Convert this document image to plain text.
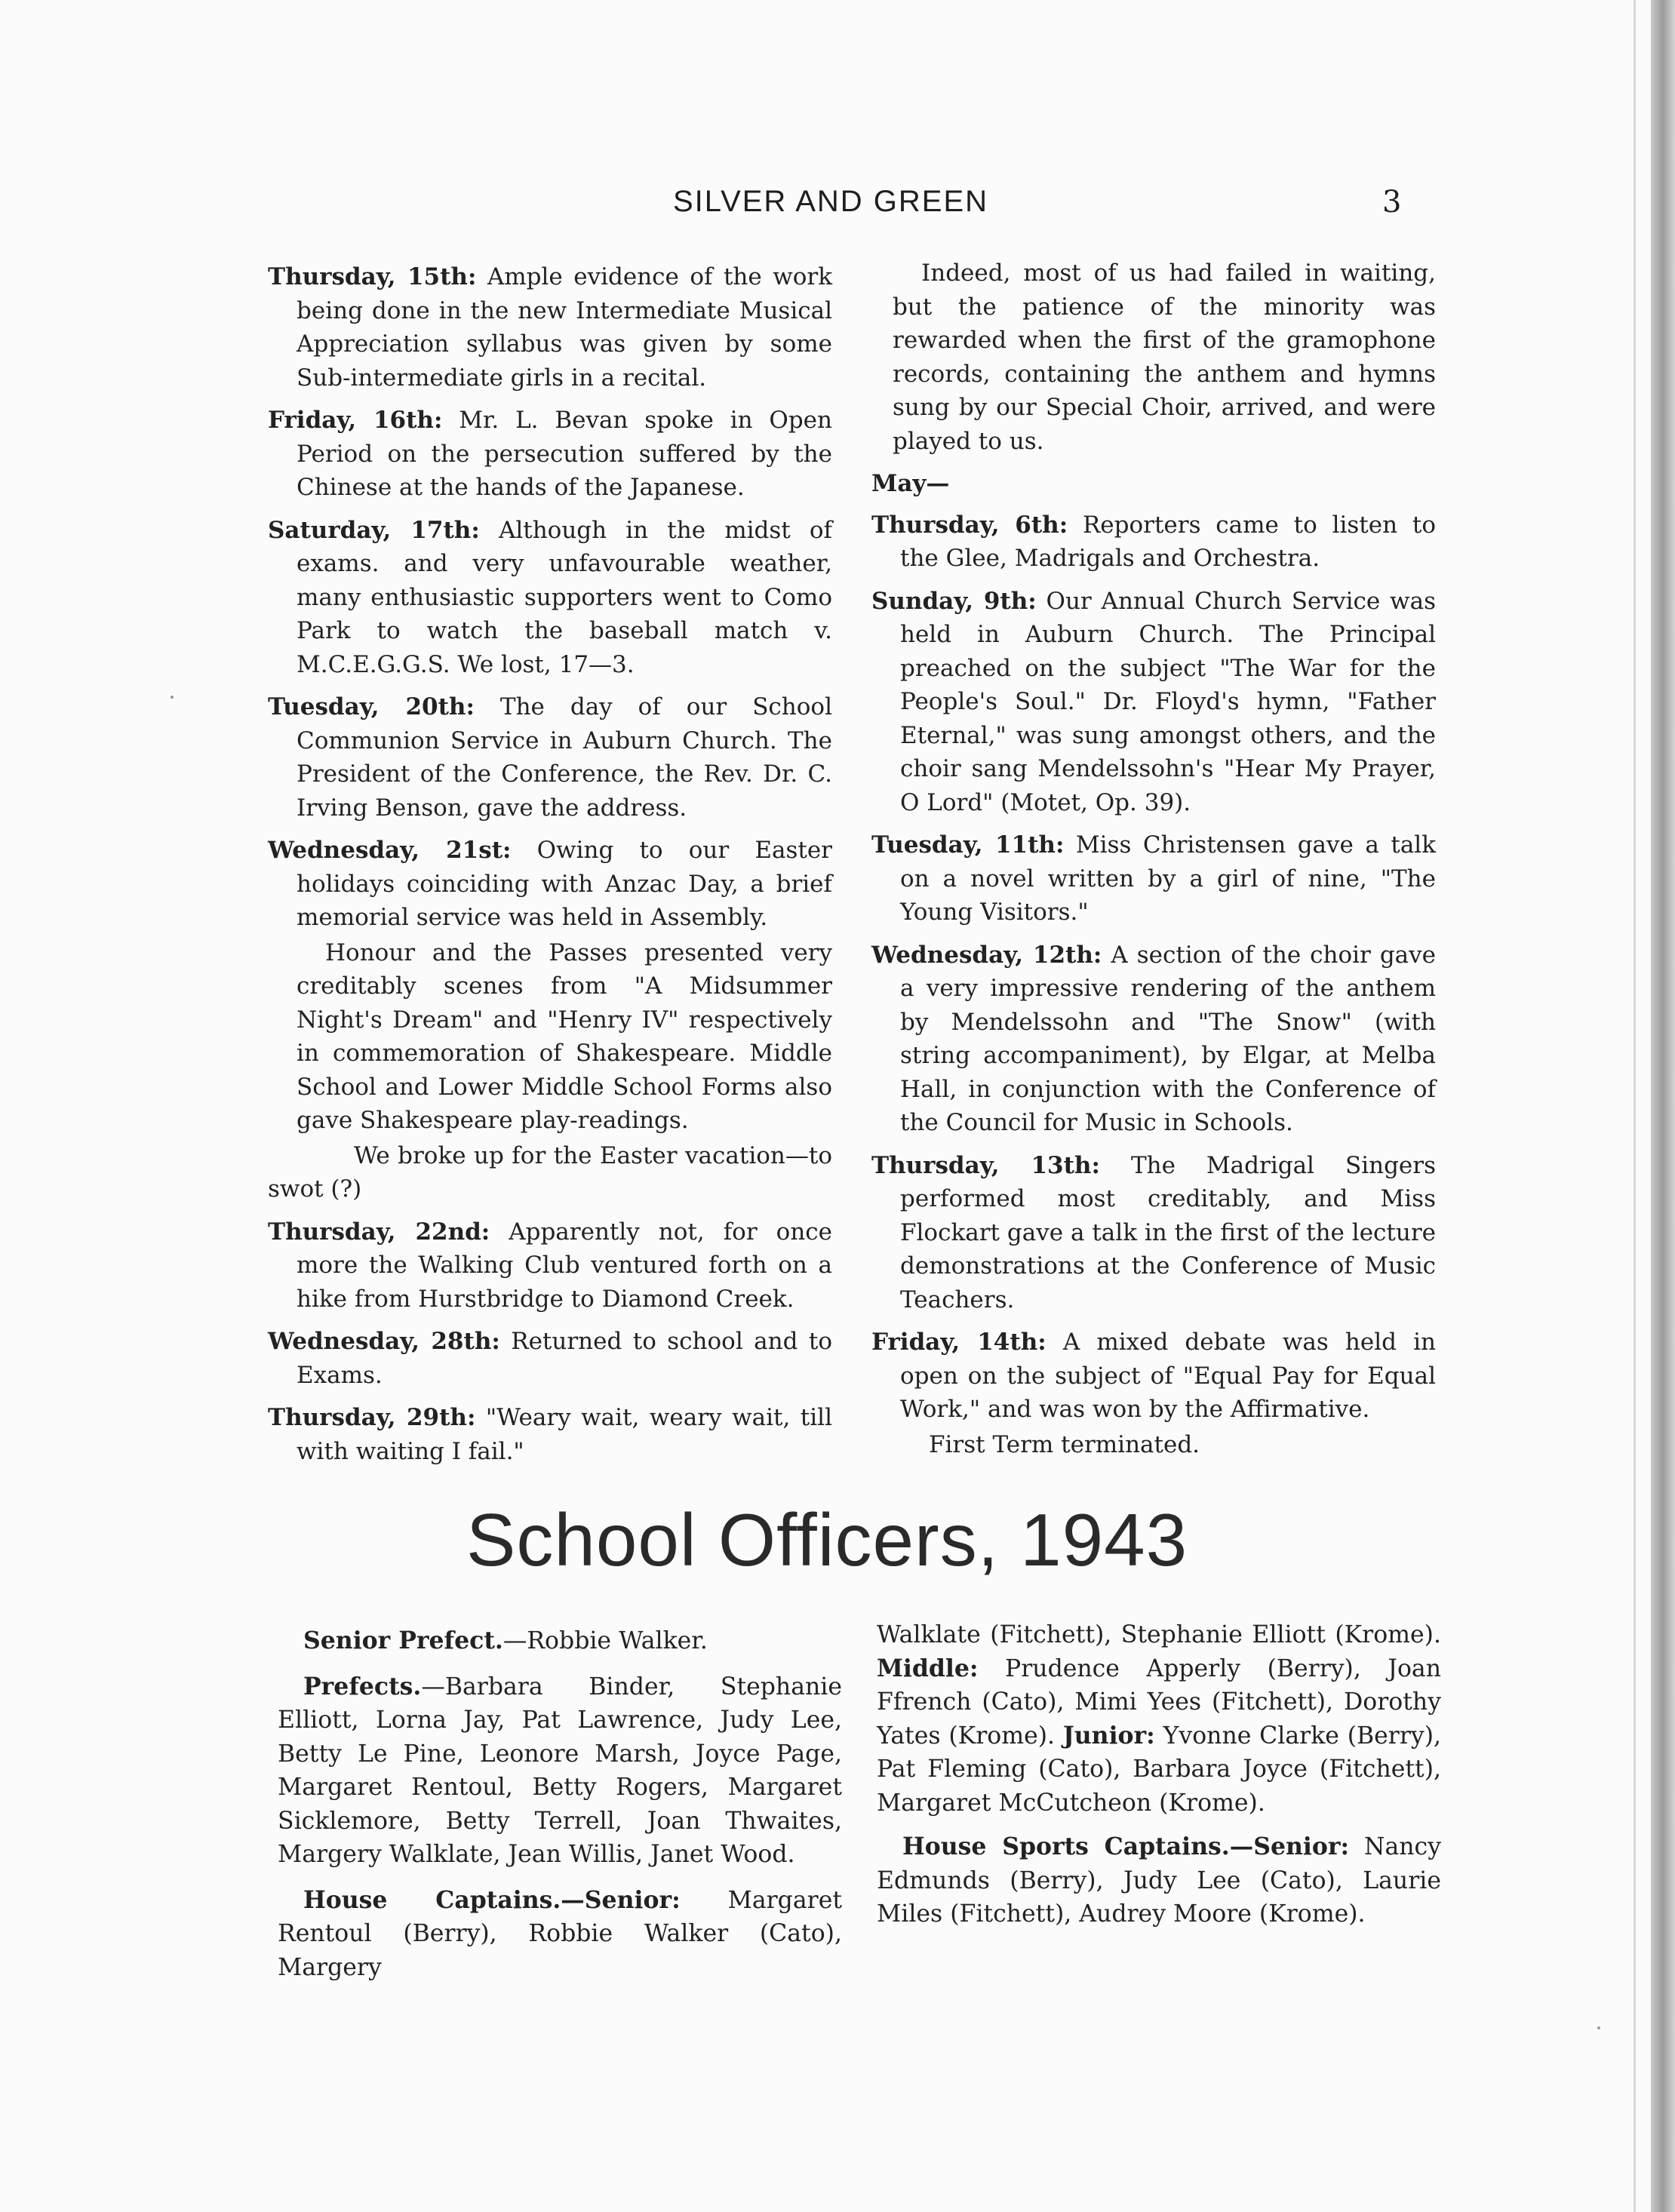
SILVER AND GREEN	3

Thursday, 15th: Ample evidence of the work being done in the new Intermediate Musical Appreciation syllabus was given by some Sub-intermediate girls in a recital.

Friday, 16th: Mr. L. Bevan spoke in Open Period on the persecution suffered by the Chinese at the hands of the Japanese.

Saturday, 17th: Although in the midst of exams. and very unfavourable weather, many enthusiastic supporters went to Como Park to watch the baseball match v. M.C.E.G.G.S. We lost, 17—3.

Tuesday, 20th: The day of our School Communion Service in Auburn Church. The President of the Conference, the Rev. Dr. C. Irving Benson, gave the address.

Wednesday, 21st: Owing to our Easter holidays coinciding with Anzac Day, a brief memorial service was held in Assembly.

Honour and the Passes presented very creditably scenes from "A Midsummer Night's Dream" and "Henry IV" respectively in commemoration of Shakespeare. Middle School and Lower Middle School Forms also gave Shakespeare play-readings.

We broke up for the Easter vacation—to swot (?)

Thursday, 22nd: Apparently not, for once more the Walking Club ventured forth on a hike from Hurstbridge to Diamond Creek.

Wednesday, 28th: Returned to school and to Exams.

Thursday, 29th: "Weary wait, weary wait, till with waiting I fail."

Indeed, most of us had failed in waiting, but the patience of the minority was rewarded when the first of the gramophone records, containing the anthem and hymns sung by our Special Choir, arrived, and were played to us.

May—

Thursday, 6th: Reporters came to listen to the Glee, Madrigals and Orchestra.

Sunday, 9th: Our Annual Church Service was held in Auburn Church. The Principal preached on the subject "The War for the People's Soul." Dr. Floyd's hymn, "Father Eternal," was sung amongst others, and the choir sang Mendelssohn's "Hear My Prayer, O Lord" (Motet, Op. 39).

Tuesday, 11th: Miss Christensen gave a talk on a novel written by a girl of nine, "The Young Visitors."

Wednesday, 12th: A section of the choir gave a very impressive rendering of the anthem by Mendelssohn and "The Snow" (with string accompaniment), by Elgar, at Melba Hall, in conjunction with the Conference of the Council for Music in Schools.

Thursday, 13th: The Madrigal Singers performed most creditably, and Miss Flockart gave a talk in the first of the lecture demonstrations at the Conference of Music Teachers.

Friday, 14th: A mixed debate was held in open on the subject of "Equal Pay for Equal Work," and was won by the Affirmative.

First Term terminated.

School Officers, 1943

Senior Prefect.—Robbie Walker.

Prefects.—Barbara Binder, Stephanie Elliott, Lorna Jay, Pat Lawrence, Judy Lee, Betty Le Pine, Leonore Marsh, Joyce Page, Margaret Rentoul, Betty Rogers, Margaret Sicklemore, Betty Terrell, Joan Thwaites, Margery Walklate, Jean Willis, Janet Wood.

House Captains.—Senior: Margaret Rentoul (Berry), Robbie Walker (Cato), Margery

Walklate (Fitchett), Stephanie Elliott (Krome). Middle: Prudence Apperly (Berry), Joan Ffrench (Cato), Mimi Yees (Fitchett), Dorothy Yates (Krome). Junior: Yvonne Clarke (Berry), Pat Fleming (Cato), Barbara Joyce (Fitchett), Margaret McCutcheon (Krome).

House Sports Captains.—Senior: Nancy Edmunds (Berry), Judy Lee (Cato), Laurie Miles (Fitchett), Audrey Moore (Krome).
